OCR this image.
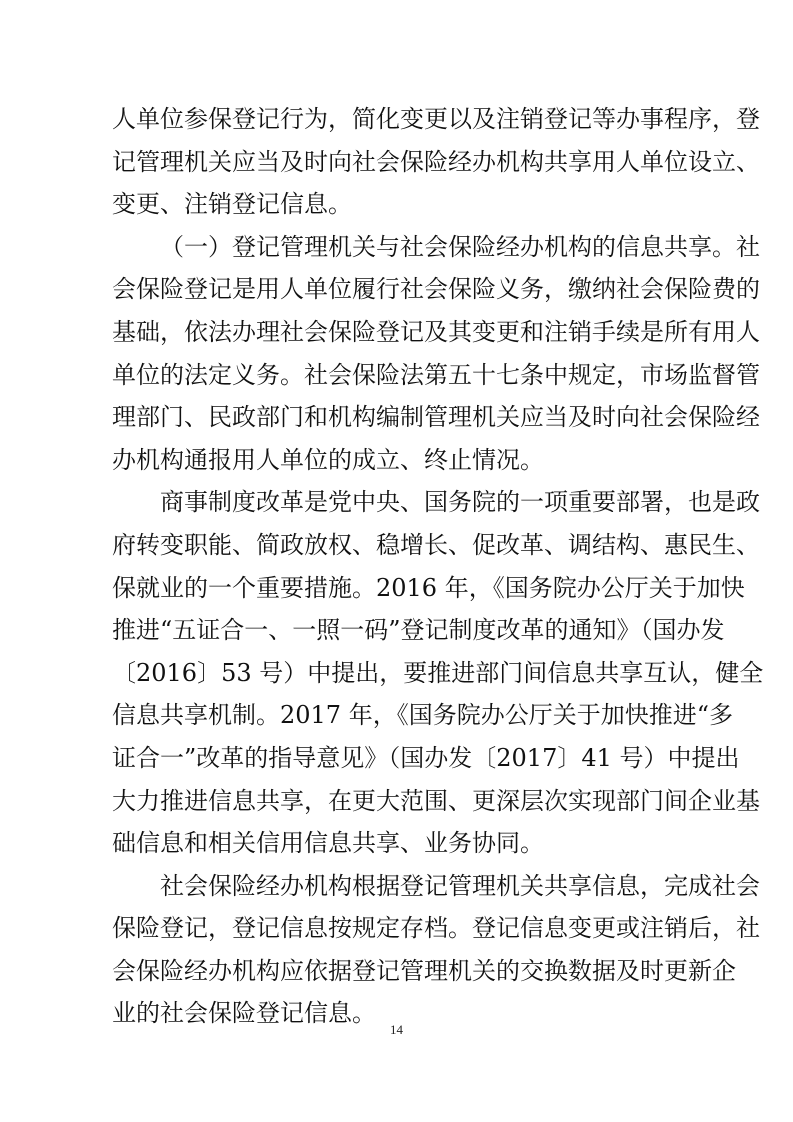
人单位参保登记行为，简化变更以及注销登记等办事程序，登
记管理机关应当及时向社会保险经办机构共享用人单位设立、
变更、注销登记信息。
（一）登记管理机关与社会保险经办机构的信息共享。社
会保险登记是用人单位履行社会保险义务，缴纳社会保险费的
基础，依法办理社会保险登记及其变更和注销手续是所有用人
单位的法定义务。社会保险法第五十七条中规定，市场监督管
理部门、民政部门和机构编制管理机关应当及时向社会保险经
办机构通报用人单位的成立、终止情况。
商事制度改革是党中央、国务院的一项重要部署，也是政
府转变职能、简政放权、稳增长、促改革、调结构、惠民生、
保就业的一个重要措施。2016 年，《国务院办公厅关于加快
推进“五证合一、一照一码”登记制度改革的通知》（国办发
〔2016〕53 号）中提出，要推进部门间信息共享互认，健全
信息共享机制。2017 年，《国务院办公厅关于加快推进“多
证合一”改革的指导意见》（国办发〔2017〕41 号）中提出
大力推进信息共享，在更大范围、更深层次实现部门间企业基
础信息和相关信用信息共享、业务协同。
社会保险经办机构根据登记管理机关共享信息，完成社会
保险登记，登记信息按规定存档。登记信息变更或注销后，社
会保险经办机构应依据登记管理机关的交换数据及时更新企
业的社会保险登记信息。
14
